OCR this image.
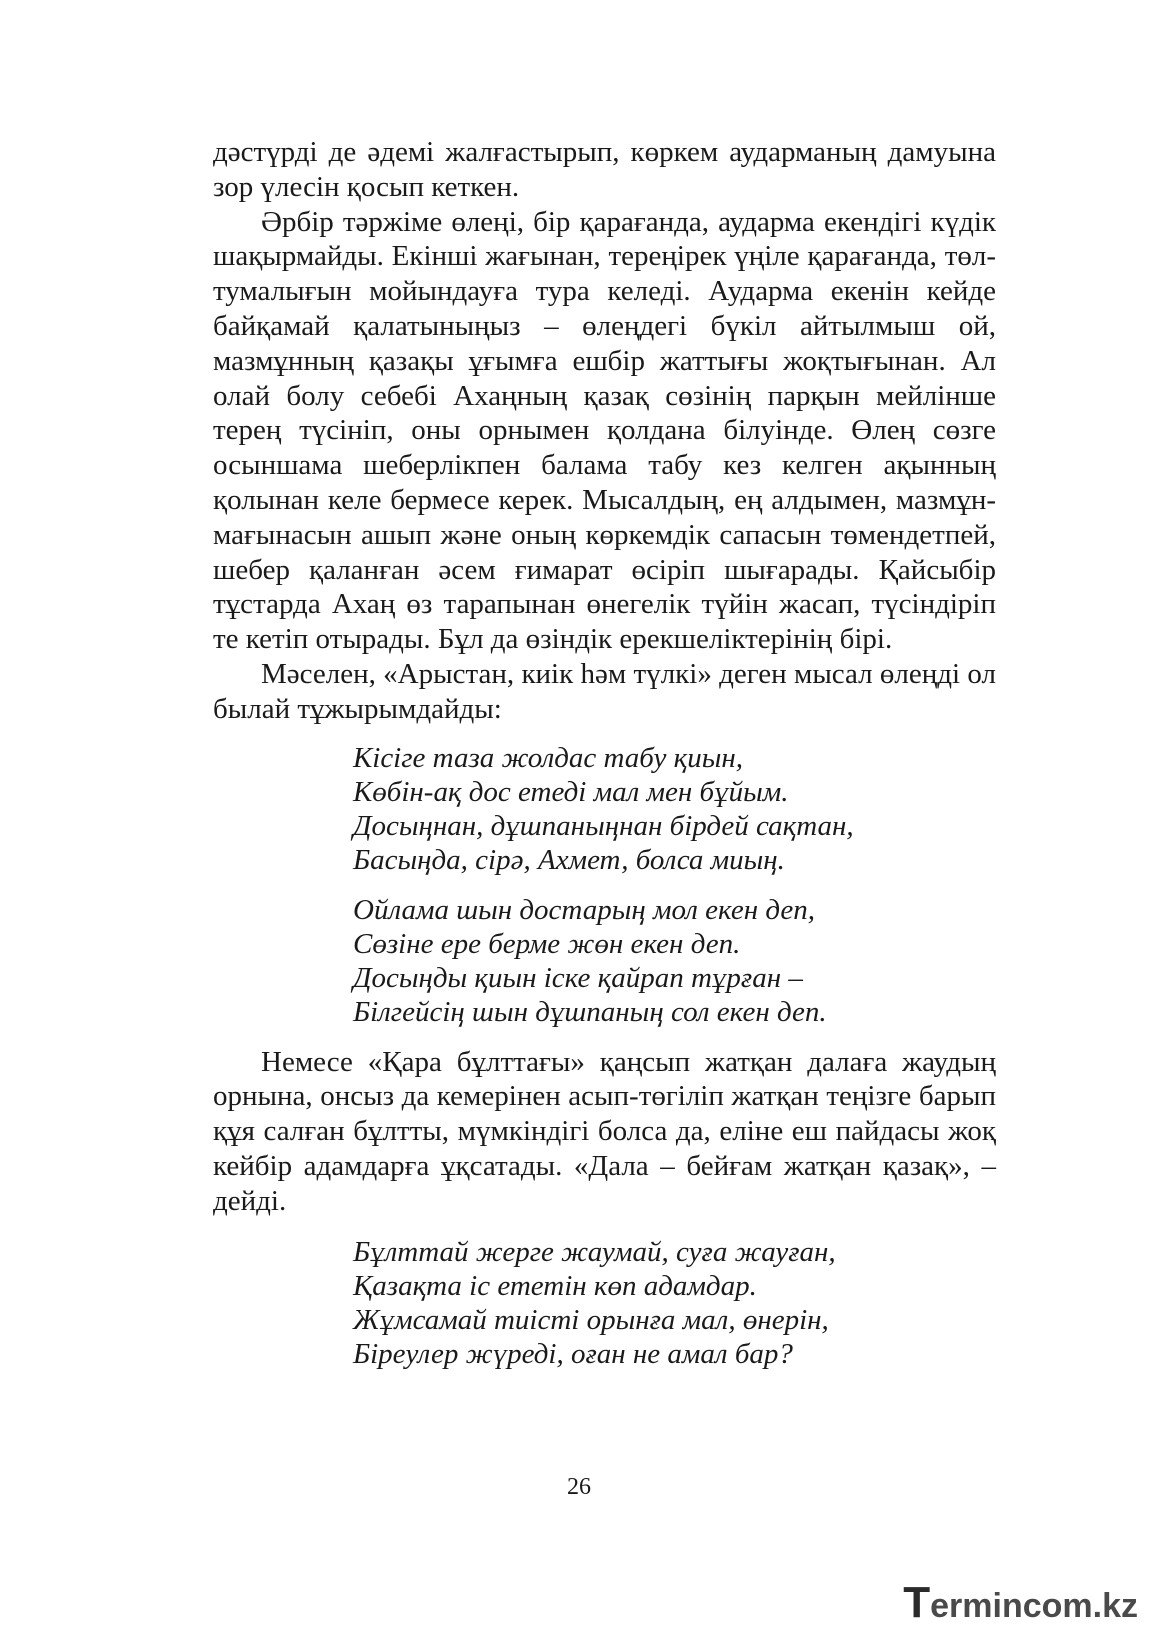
дәстүрді де әдемі жалғастырып, көркем аударманың дамуына зор үлесін қосып кеткен.

Әрбір тәржіме өлеңі, бір қарағанда, аударма екендігі күдік шақырмайды. Екінші жағынан, тереңірек үңіле қарағанда, төл-тумалығын мойындауға тура келеді. Аударма екенін кейде байқамай қалатыныңыз – өлеңдегі бүкіл айтылмыш ой, мазмұнның қазақы ұғымға ешбір жаттығы жоқтығынан. Ал олай болу себебі Ахаңның қазақ сөзінің парқын мейлінше терең түсініп, оны орнымен қолдана білуінде. Өлең сөзге осыншама шеберлікпен балама табу кез келген ақынның қолынан келе бермесе керек. Мысалдың, ең алдымен, мазмұн-мағынасын ашып және оның көркемдік сапасын төмендетпей, шебер қаланған әсем ғимарат өсіріп шығарады. Қайсыбір тұстарда Ахаң өз тарапынан өнегелік түйін жасап, түсіндіріп те кетіп отырады. Бұл да өзіндік ерекшеліктерінің бірі.

Мәселен, «Арыстан, киік һәм түлкі» деген мысал өлеңді ол былай тұжырымдайды:

Кісіге таза жолдас табу қиын,
Көбін-ақ дос етеді мал мен бұйым.
Досыңнан, дұшпаныңнан бірдей сақтан,
Басыңда, сірә, Ахмет, болса миың.
Ойлама шын достарың мол екен деп,
Сөзіне ере берме жөн екен деп.
Досыңды қиын іске қайрап тұрған –
Білгейсің шын дұшпаның сол екен деп.

Немесе «Қара бұлттағы» қаңсып жатқан далаға жаудың орнына, онсыз да кемерінен асып-төгіліп жатқан теңізге барып құя салған бұлтты, мүмкіндігі болса да, еліне еш пайдасы жоқ кейбір адамдарға ұқсатады. «Дала – бейғам жатқан қазақ», – дейді.

Бұлттай жерге жаумай, суға жауған,
Қазақта іс ететін көп адамдар.
Жұмсамай тиісті орынға мал, өнерін,
Біреулер жүреді, оған не амал бар?
26
Termincom.kz
